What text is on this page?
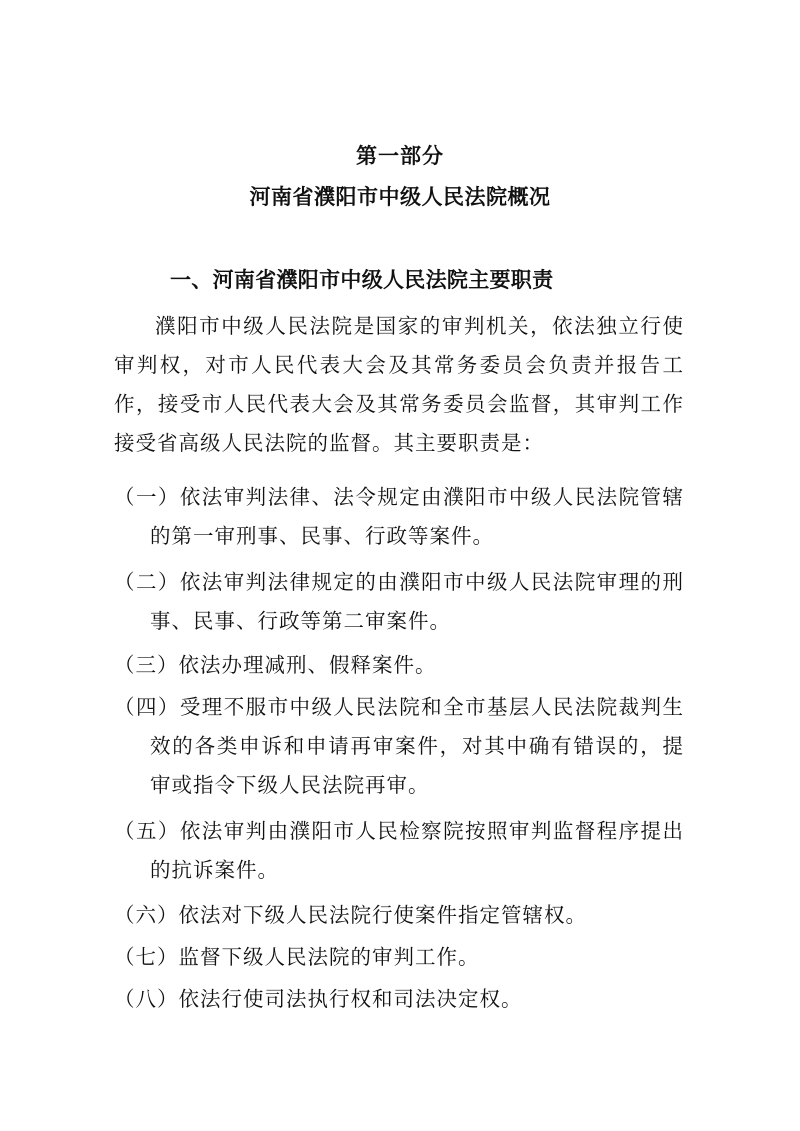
第一部分
河南省濮阳市中级人民法院概况
一、河南省濮阳市中级人民法院主要职责

濮阳市中级人民法院是国家的审判机关，依法独立行使审判权，对市人民代表大会及其常务委员会负责并报告工作，接受市人民代表大会及其常务委员会监督，其审判工作接受省高级人民法院的监督。其主要职责是：

（一）依法审判法律、法令规定由濮阳市中级人民法院管辖的第一审刑事、民事、行政等案件。

（二）依法审判法律规定的由濮阳市中级人民法院审理的刑事、民事、行政等第二审案件。

（三）依法办理减刑、假释案件。

（四）受理不服市中级人民法院和全市基层人民法院裁判生效的各类申诉和申请再审案件，对其中确有错误的，提审或指令下级人民法院再审。

（五）依法审判由濮阳市人民检察院按照审判监督程序提出的抗诉案件。

（六）依法对下级人民法院行使案件指定管辖权。

（七）监督下级人民法院的审判工作。

（八）依法行使司法执行权和司法决定权。
